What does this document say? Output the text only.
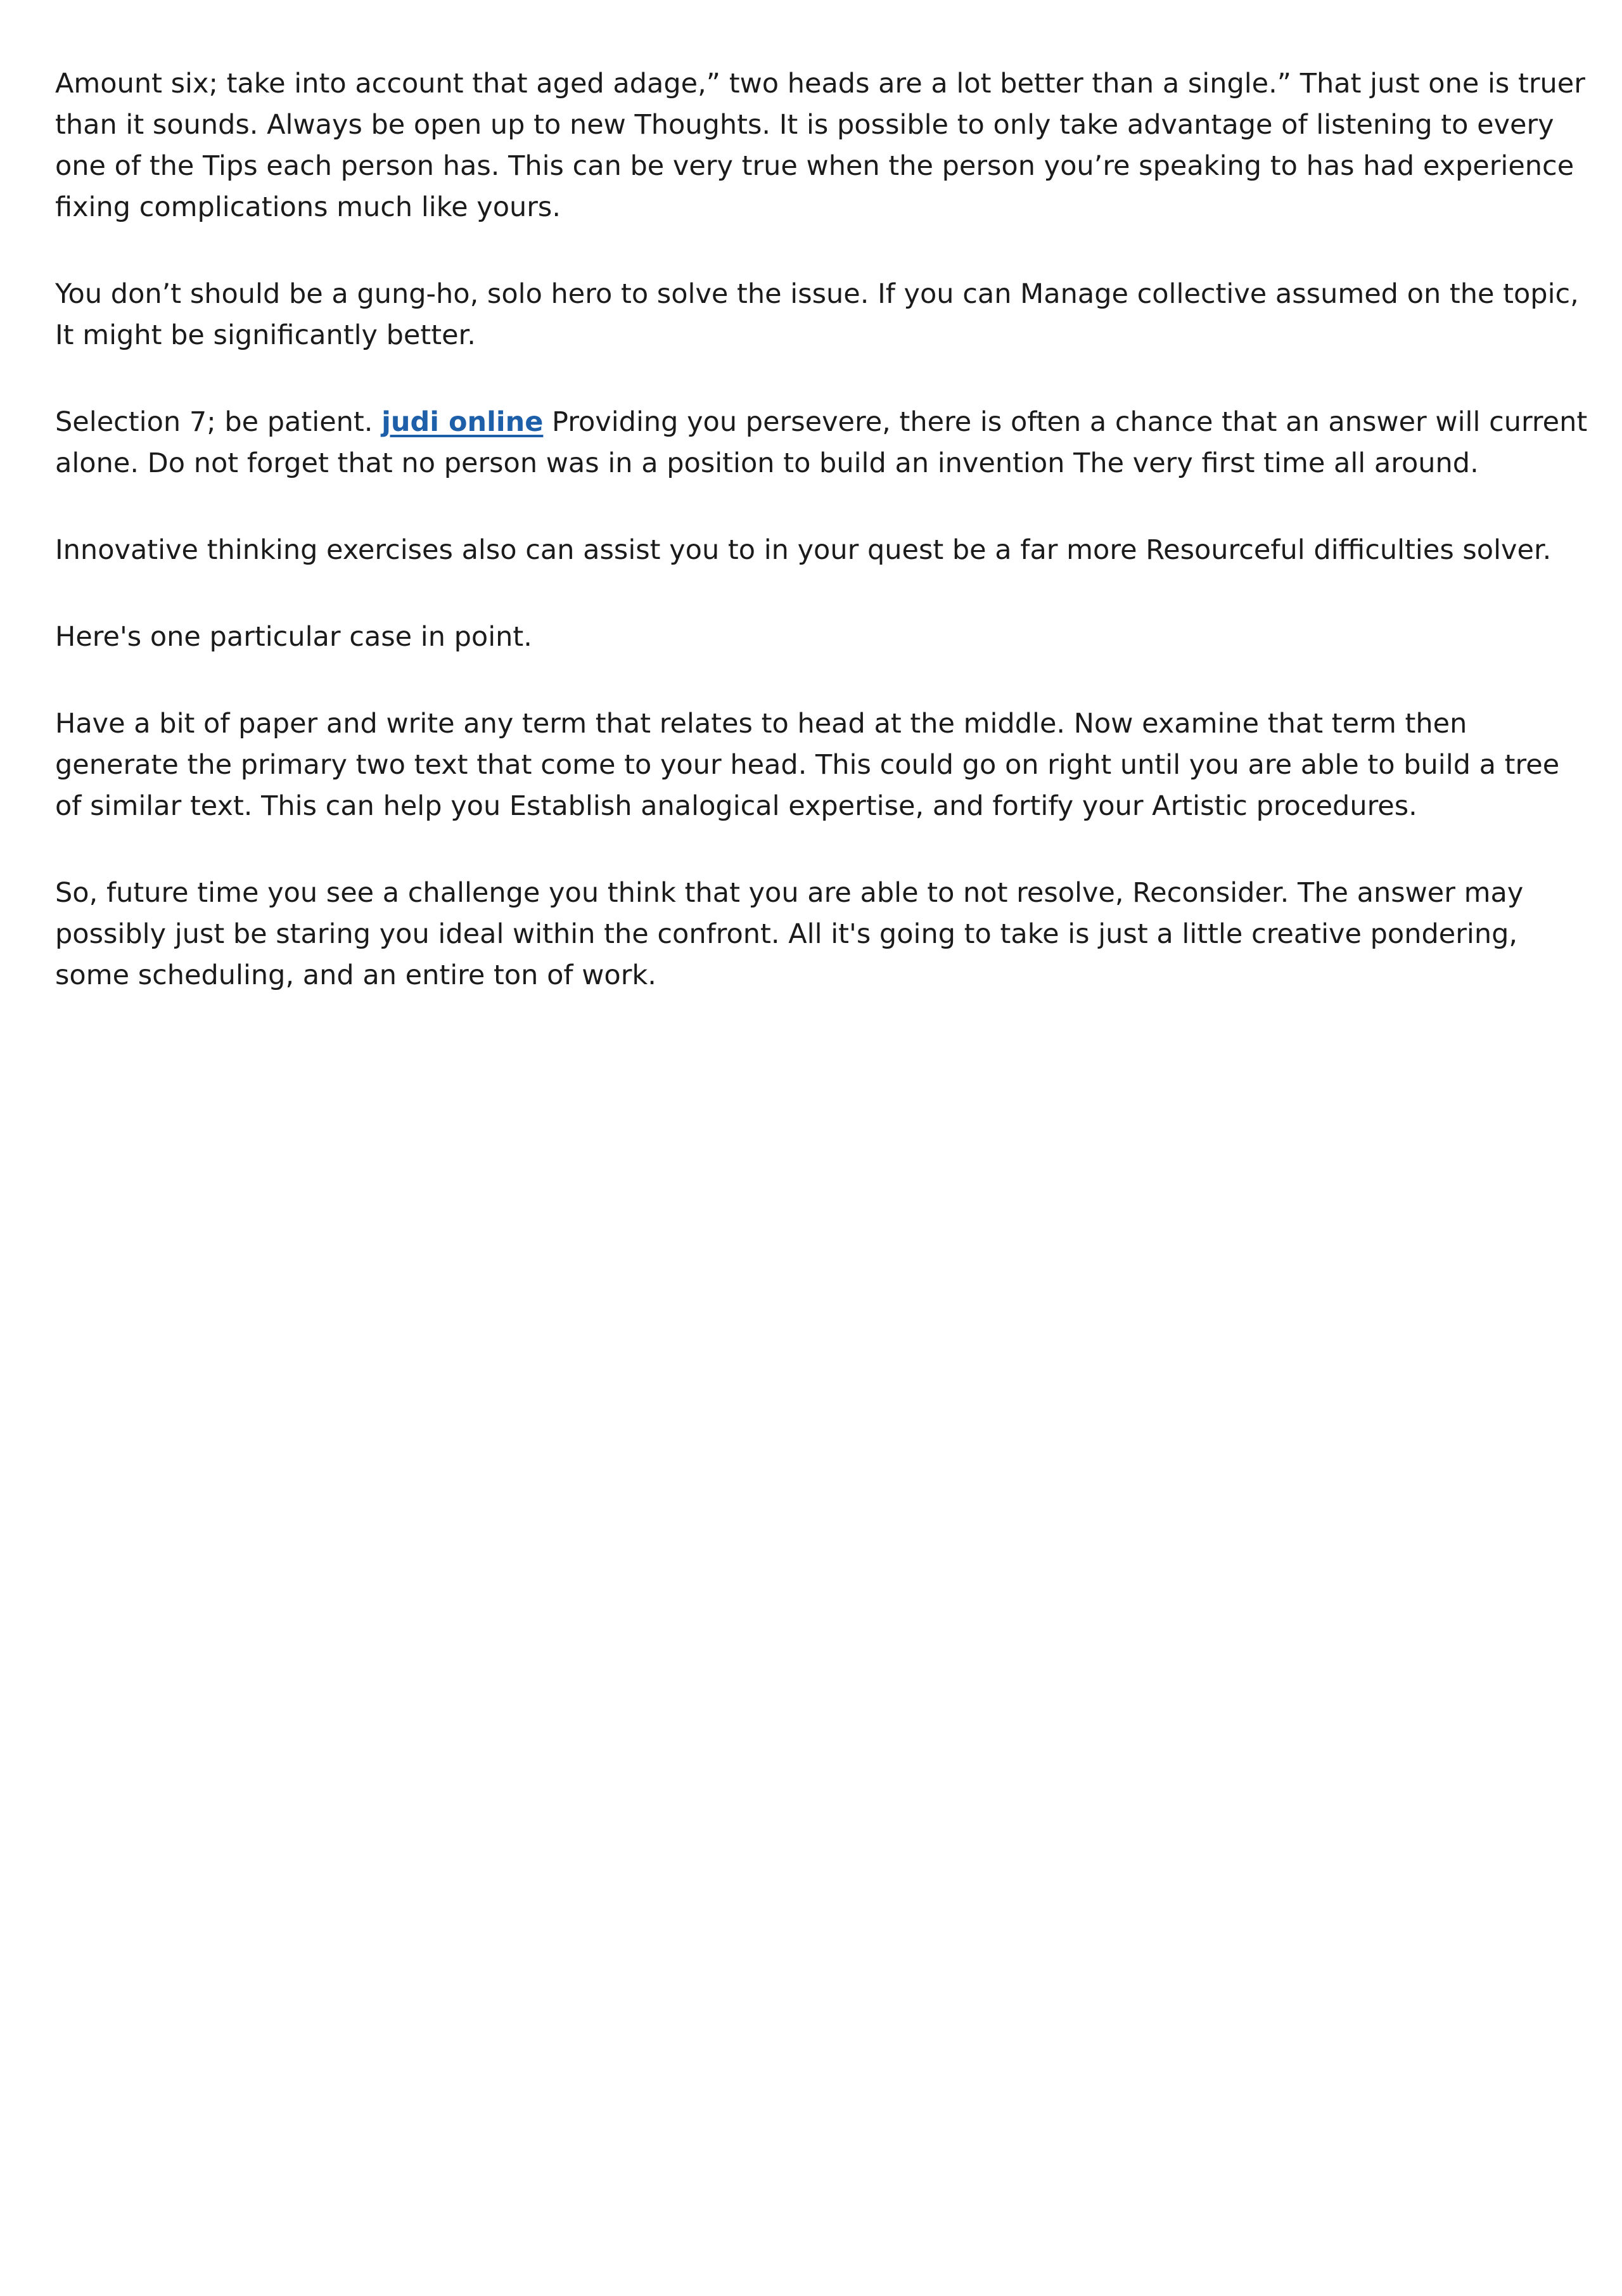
Amount six; take into account that aged adage,” two heads are a lot better than a single.” That just one is truer than it sounds. Always be open up to new Thoughts. It is possible to only take advantage of listening to every one of the Tips each person has. This can be very true when the person you’re speaking to has had experience fixing complications much like yours.

You don’t should be a gung-ho, solo hero to solve the issue. If you can Manage collective assumed on the topic, It might be significantly better.

Selection 7; be patient. judi online Providing you persevere, there is often a chance that an answer will current alone. Do not forget that no person was in a position to build an invention The very first time all around.

Innovative thinking exercises also can assist you to in your quest be a far more Resourceful difficulties solver.

Here's one particular case in point.

Have a bit of paper and write any term that relates to head at the middle. Now examine that term then generate the primary two text that come to your head. This could go on right until you are able to build a tree of similar text. This can help you Establish analogical expertise, and fortify your Artistic procedures.

So, future time you see a challenge you think that you are able to not resolve, Reconsider. The answer may possibly just be staring you ideal within the confront. All it's going to take is just a little creative pondering, some scheduling, and an entire ton of work.
